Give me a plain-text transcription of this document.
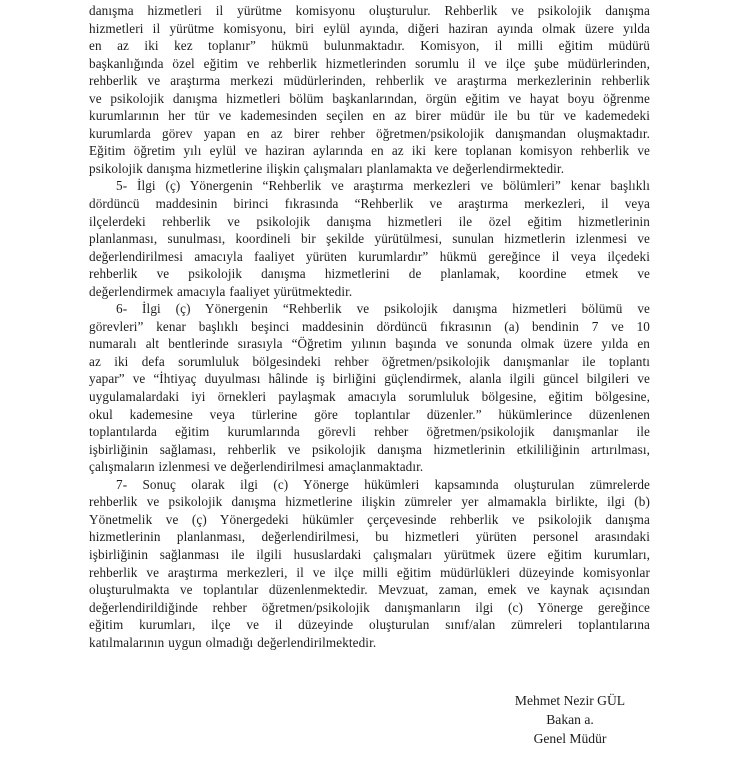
danışma hizmetleri il yürütme komisyonu oluşturulur. Rehberlik ve psikolojik danışma
hizmetleri il yürütme komisyonu, biri eylül ayında, diğeri haziran ayında olmak üzere yılda
en az iki kez toplanır” hükmü bulunmaktadır. Komisyon, il milli eğitim müdürü
başkanlığında özel eğitim ve rehberlik hizmetlerinden sorumlu il ve ilçe şube müdürlerinden,
rehberlik ve araştırma merkezi müdürlerinden, rehberlik ve araştırma merkezlerinin rehberlik
ve psikolojik danışma hizmetleri bölüm başkanlarından, örgün eğitim ve hayat boyu öğrenme
kurumlarının her tür ve kademesinden seçilen en az birer müdür ile bu tür ve kademedeki
kurumlarda görev yapan en az birer rehber öğretmen/psikolojik danışmandan oluşmaktadır.
Eğitim öğretim yılı eylül ve haziran aylarında en az iki kere toplanan komisyon rehberlik ve
psikolojik danışma hizmetlerine ilişkin çalışmaları planlamakta ve değerlendirmektedir.
5- İlgi (ç) Yönergenin “Rehberlik ve araştırma merkezleri ve bölümleri” kenar başlıklı
dördüncü maddesinin birinci fıkrasında “Rehberlik ve araştırma merkezleri, il veya
ilçelerdeki rehberlik ve psikolojik danışma hizmetleri ile özel eğitim hizmetlerinin
planlanması, sunulması, koordineli bir şekilde yürütülmesi, sunulan hizmetlerin izlenmesi ve
değerlendirilmesi amacıyla faaliyet yürüten kurumlardır” hükmü gereğince il veya ilçedeki
rehberlik ve psikolojik danışma hizmetlerini de planlamak, koordine etmek ve
değerlendirmek amacıyla faaliyet yürütmektedir.
6- İlgi (ç) Yönergenin “Rehberlik ve psikolojik danışma hizmetleri bölümü ve
görevleri” kenar başlıklı beşinci maddesinin dördüncü fıkrasının (a) bendinin 7 ve 10
numaralı alt bentlerinde sırasıyla “Öğretim yılının başında ve sonunda olmak üzere yılda en
az iki defa sorumluluk bölgesindeki rehber öğretmen/psikolojik danışmanlar ile toplantı
yapar” ve “İhtiyaç duyulması hâlinde iş birliğini güçlendirmek, alanla ilgili güncel bilgileri ve
uygulamalardaki iyi örnekleri paylaşmak amacıyla sorumluluk bölgesine, eğitim bölgesine,
okul kademesine veya türlerine göre toplantılar düzenler.” hükümlerince düzenlenen
toplantılarda eğitim kurumlarında görevli rehber öğretmen/psikolojik danışmanlar ile
işbirliğinin sağlaması, rehberlik ve psikolojik danışma hizmetlerinin etkililiğinin artırılması,
çalışmaların izlenmesi ve değerlendirilmesi amaçlanmaktadır.
7- Sonuç olarak ilgi (c) Yönerge hükümleri kapsamında oluşturulan zümrelerde
rehberlik ve psikolojik danışma hizmetlerine ilişkin zümreler yer almamakla birlikte, ilgi (b)
Yönetmelik ve (ç) Yönergedeki hükümler çerçevesinde rehberlik ve psikolojik danışma
hizmetlerinin planlanması, değerlendirilmesi, bu hizmetleri yürüten personel arasındaki
işbirliğinin sağlanması ile ilgili hususlardaki çalışmaları yürütmek üzere eğitim kurumları,
rehberlik ve araştırma merkezleri, il ve ilçe milli eğitim müdürlükleri düzeyinde komisyonlar
oluşturulmakta ve toplantılar düzenlenmektedir. Mevzuat, zaman, emek ve kaynak açısından
değerlendirildiğinde rehber öğretmen/psikolojik danışmanların ilgi (c) Yönerge gereğince
eğitim kurumları, ilçe ve il düzeyinde oluşturulan sınıf/alan zümreleri toplantılarına
katılmalarının uygun olmadığı değerlendirilmektedir.
Mehmet Nezir GÜL
Bakan a.
Genel Müdür
